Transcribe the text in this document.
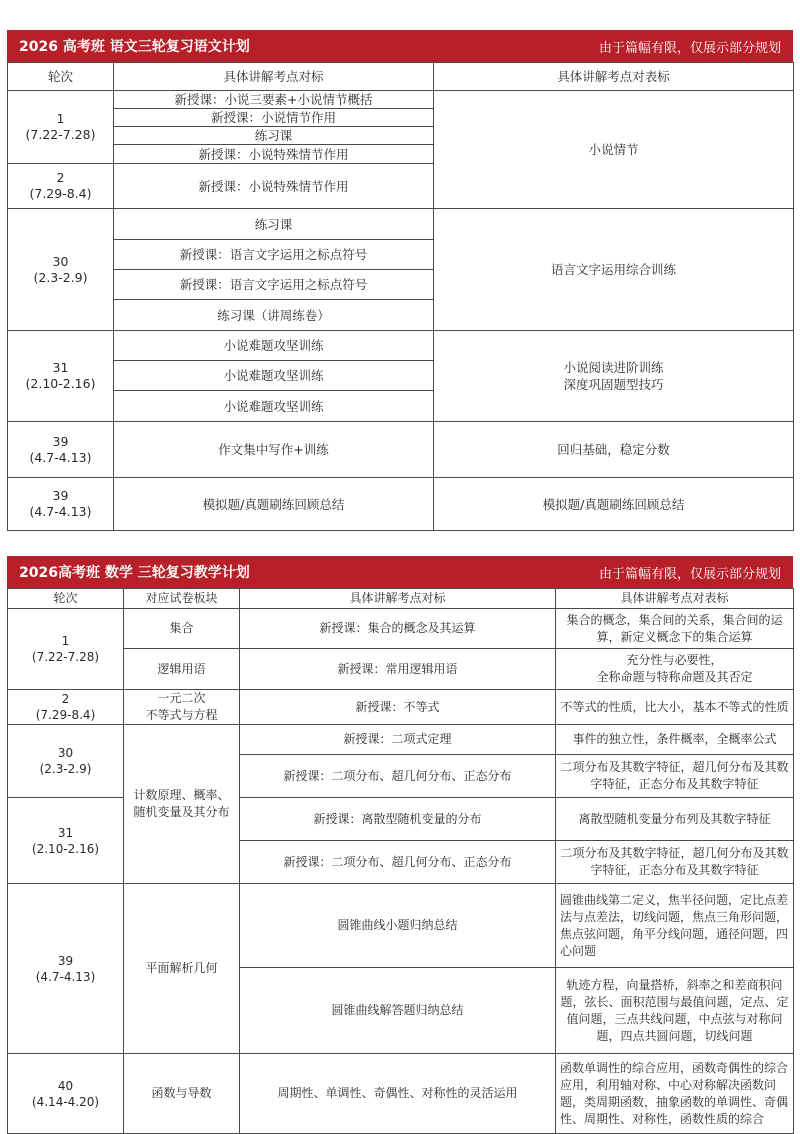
2026 高考班 语文三轮复习语文计划	由于篇幅有限，仅展示部分规划
轮次	具体讲解考点对标	具体讲解考点对表标

1
(7.22-7.28)	新授课：小说三要素+小说情节概括	小说情节
	新授课：小说情节作用	
	练习课	
	新授课：小说特殊情节作用	

2
(7.29-8.4)	新授课：小说特殊情节作用	

30
(2.3-2.9)	练习课	语言文字运用综合训练
	新授课：语言文字运用之标点符号	
	新授课：语言文字运用之标点符号	
	练习课（讲周练卷）	

31
(2.10-2.16)	小说难题攻坚训练	小说阅读进阶训练
深度巩固题型技巧
	小说难题攻坚训练	
	小说难题攻坚训练	

39
(4.7-4.13)	作文集中写作+训练	回归基础，稳定分数

39
(4.7-4.13)	模拟题/真题刷练回顾总结	模拟题/真题刷练回顾总结
2026高考班 数学 三轮复习教学计划	由于篇幅有限，仅展示部分规划
轮次	对应试卷板块	具体讲解考点对标	具体讲解考点对表标

1
(7.22-7.28)	集合	新授课：集合的概念及其运算	集合的概念，集合间的关系，集合间的运算，新定义概念下的集合运算
	逻辑用语	新授课：常用逻辑用语	充分性与必要性，
全称命题与特称命题及其否定

2
(7.29-8.4)	一元二次
不等式与方程	新授课：不等式	不等式的性质，比大小，基本不等式的性质

30
(2.3-2.9)	计数原理、概率、随机变量及其分布	新授课：二项式定理	事件的独立性，条件概率，全概率公式
		新授课：二项分布、超几何分布、正态分布	二项分布及其数字特征，超几何分布及其数字特征，正态分布及其数字特征

31
(2.10-2.16)		新授课：离散型随机变量的分布	离散型随机变量分布列及其数字特征
		新授课：二项分布、超几何分布、正态分布	二项分布及其数字特征，超几何分布及其数字特征，正态分布及其数字特征

39
(4.7-4.13)	平面解析几何	圆锥曲线小题归纳总结	圆锥曲线第二定义，焦半径问题，定比点差法与点差法，切线问题，焦点三角形问题，焦点弦问题，角平分线问题，通径问题，四心问题
		圆锥曲线解答题归纳总结	轨迹方程，向量搭桥，斜率之和差商积问题，弦长、面积范围与最值问题，定点、定值问题，三点共线问题，中点弦与对称问题，四点共圆问题，切线问题

40
(4.14-4.20)	函数与导数	周期性、单调性、奇偶性、对称性的灵活运用	函数单调性的综合应用，函数奇偶性的综合应用，利用轴对称、中心对称解决函数问题，类周期函数，抽象函数的单调性、奇偶性、周期性、对称性，函数性质的综合
